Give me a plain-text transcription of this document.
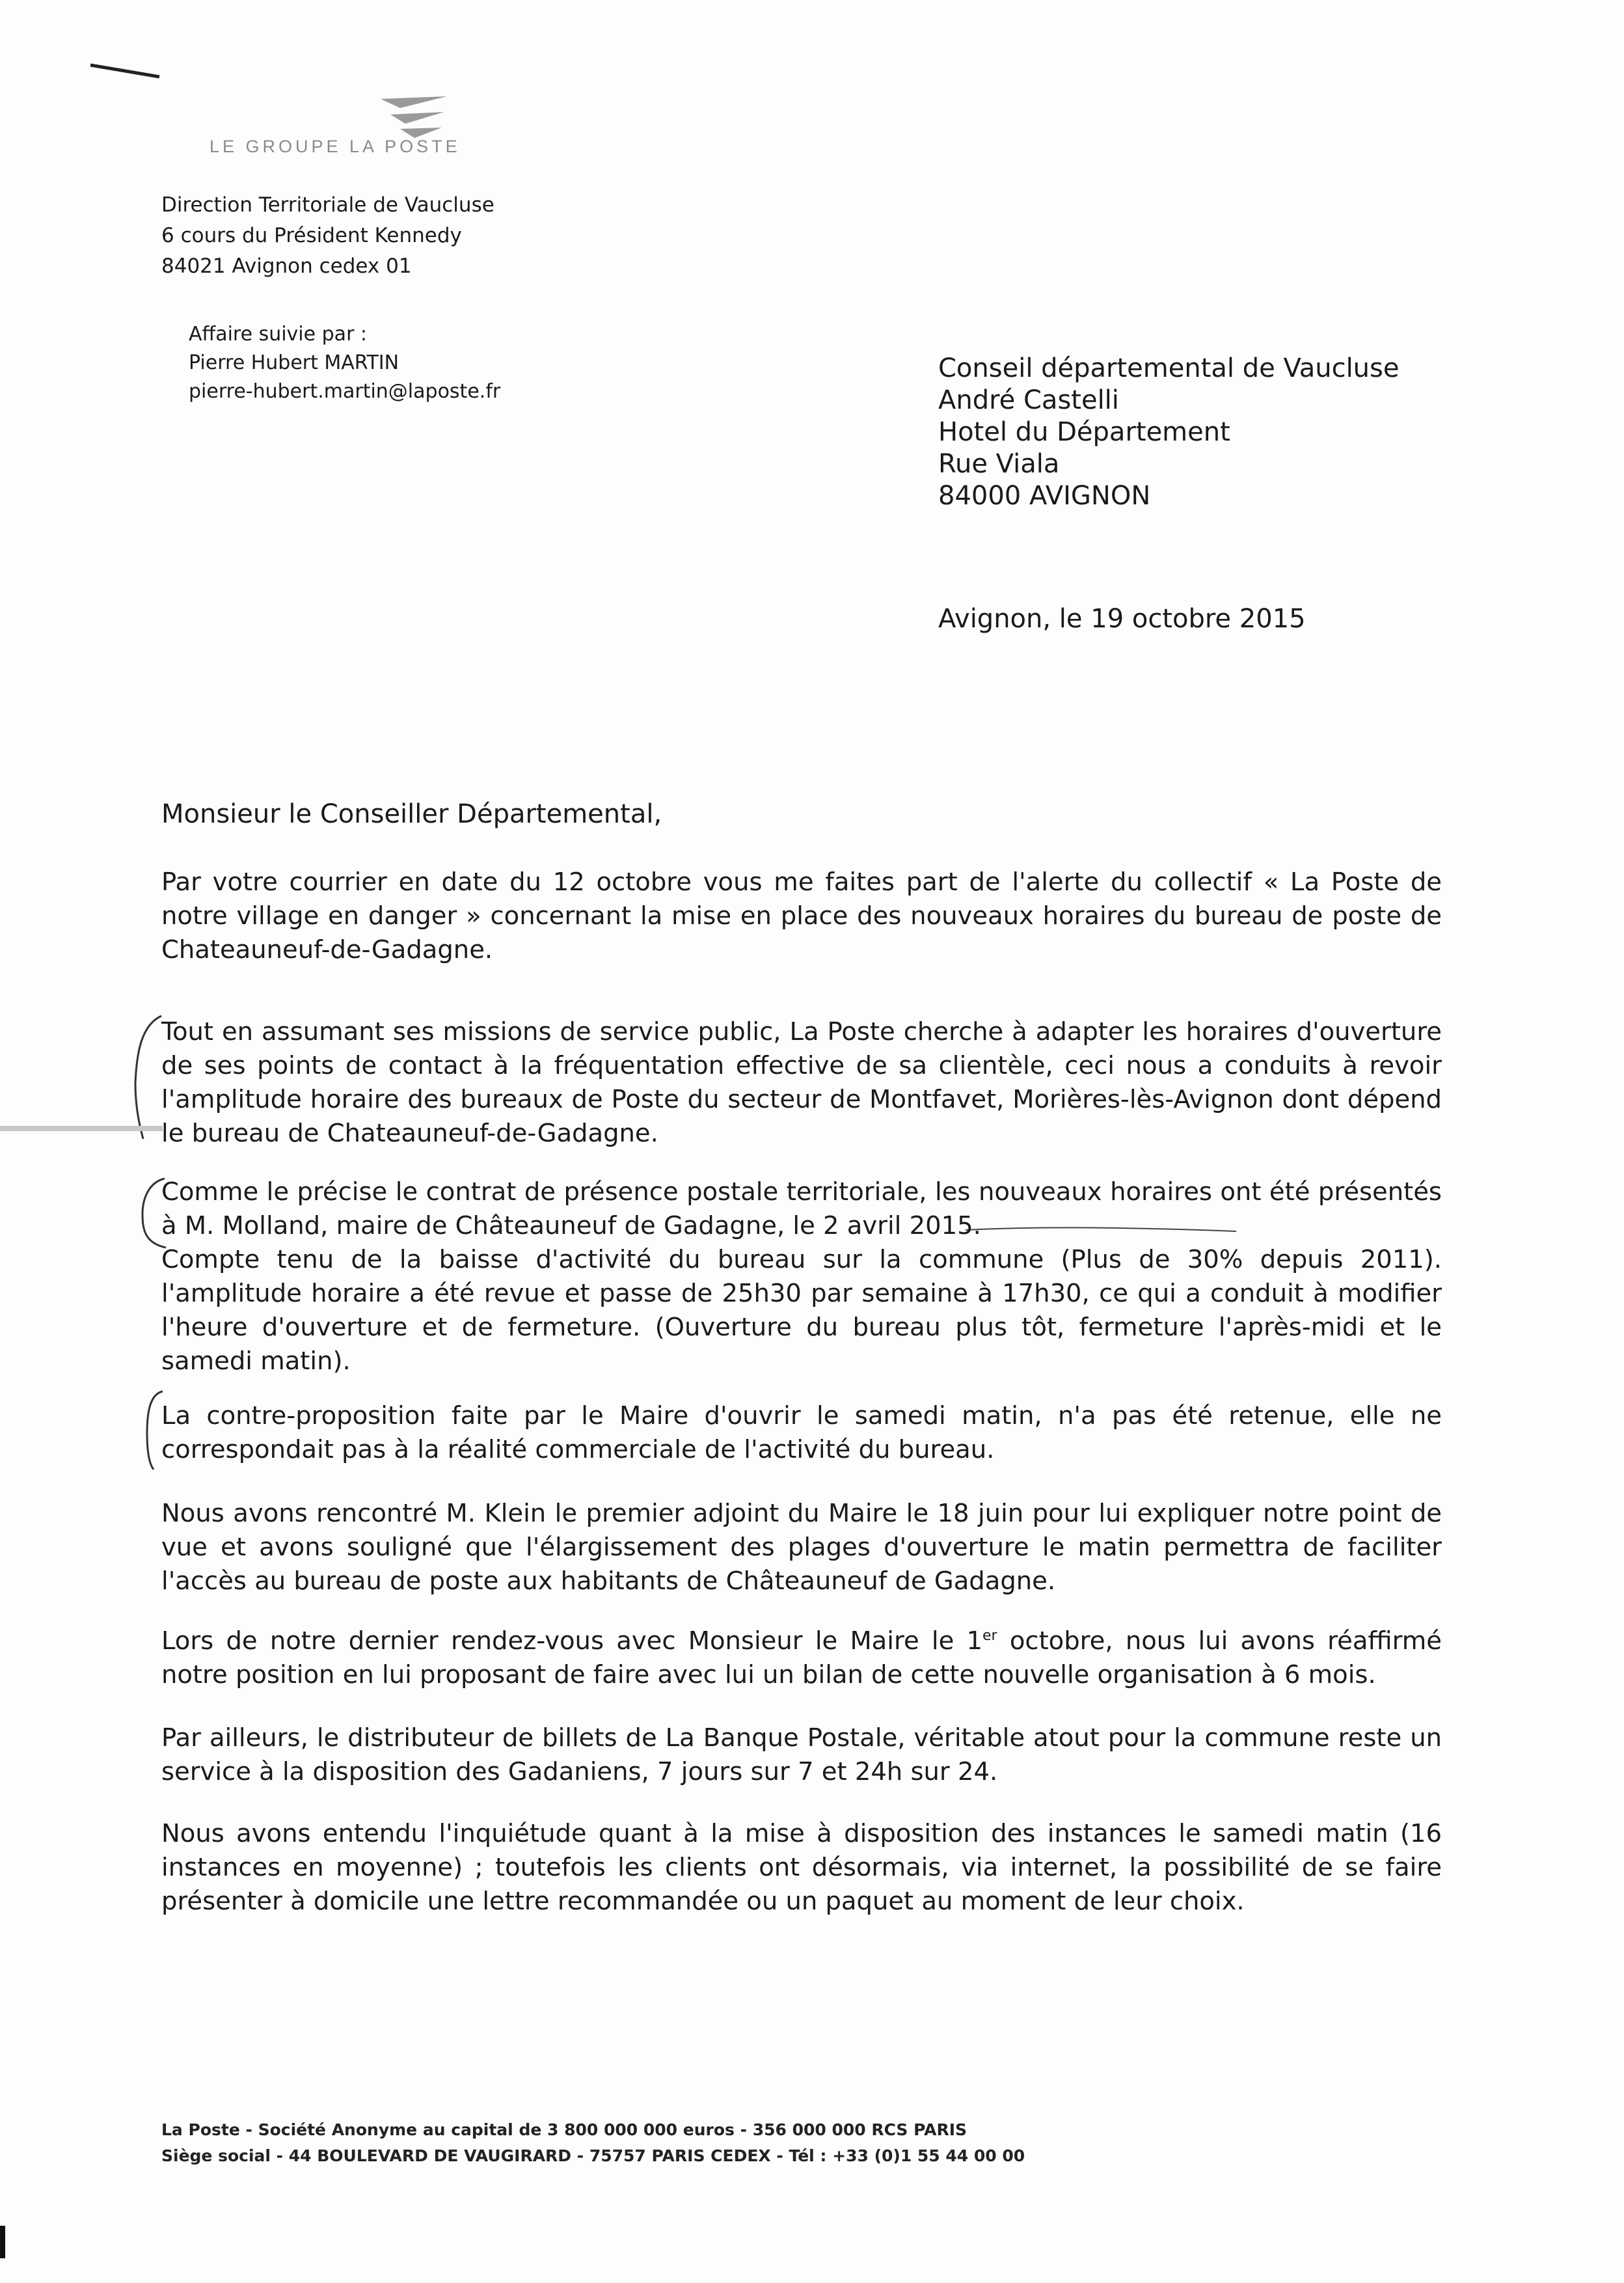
LE GROUPE LA POSTE
Direction Territoriale de Vaucluse
6 cours du Président Kennedy
84021 Avignon cedex 01
Affaire suivie par :
Pierre Hubert MARTIN
pierre-hubert.martin@laposte.fr
Conseil départemental de Vaucluse
André Castelli
Hotel du Département
Rue Viala
84000 AVIGNON
Avignon, le 19 octobre 2015
Monsieur le Conseiller Départemental,
Par votre courrier en date du 12 octobre vous me faites part de l'alerte du collectif « La Poste de notre village en danger » concernant la mise en place des nouveaux horaires du bureau de poste de Chateauneuf-de-Gadagne.
Tout en assumant ses missions de service public, La Poste cherche à adapter les horaires d'ouverture de ses points de contact à la fréquentation effective de sa clientèle, ceci nous a conduits à revoir l'amplitude horaire des bureaux de Poste du secteur de Montfavet, Morières-lès-Avignon dont dépend le bureau de Chateauneuf-de-Gadagne.
Comme le précise le contrat de présence postale territoriale, les nouveaux horaires ont été présentés à M. Molland, maire de Châteauneuf de Gadagne, le 2 avril 2015.
Compte tenu de la baisse d'activité du bureau sur la commune (Plus de 30% depuis 2011). l'amplitude horaire a été revue et passe de 25h30 par semaine à 17h30, ce qui a conduit à modifier l'heure d'ouverture et de fermeture. (Ouverture du bureau plus tôt, fermeture l'après-midi et le samedi matin).
La contre-proposition faite par le Maire d'ouvrir le samedi matin, n'a pas été retenue, elle ne correspondait pas à la réalité commerciale de l'activité du bureau.
Nous avons rencontré M. Klein le premier adjoint du Maire le 18 juin pour lui expliquer notre point de vue et avons souligné que l'élargissement des plages d'ouverture le matin permettra de faciliter l'accès au bureau de poste aux habitants de Châteauneuf de Gadagne.
Lors de notre dernier rendez-vous avec Monsieur le Maire le 1er octobre, nous lui avons réaffirmé notre position en lui proposant de faire avec lui un bilan de cette nouvelle organisation à 6 mois.
Par ailleurs, le distributeur de billets de La Banque Postale, véritable atout pour la commune reste un service à la disposition des Gadaniens, 7 jours sur 7 et 24h sur 24.
Nous avons entendu l'inquiétude quant à la mise à disposition des instances le samedi matin (16 instances en moyenne) ; toutefois les clients ont désormais, via internet, la possibilité de se faire présenter à domicile une lettre recommandée ou un paquet au moment de leur choix.
La Poste - Société Anonyme au capital de 3 800 000 000 euros - 356 000 000 RCS PARIS
Siège social - 44 BOULEVARD DE VAUGIRARD - 75757 PARIS CEDEX - Tél : +33 (0)1 55 44 00 00
